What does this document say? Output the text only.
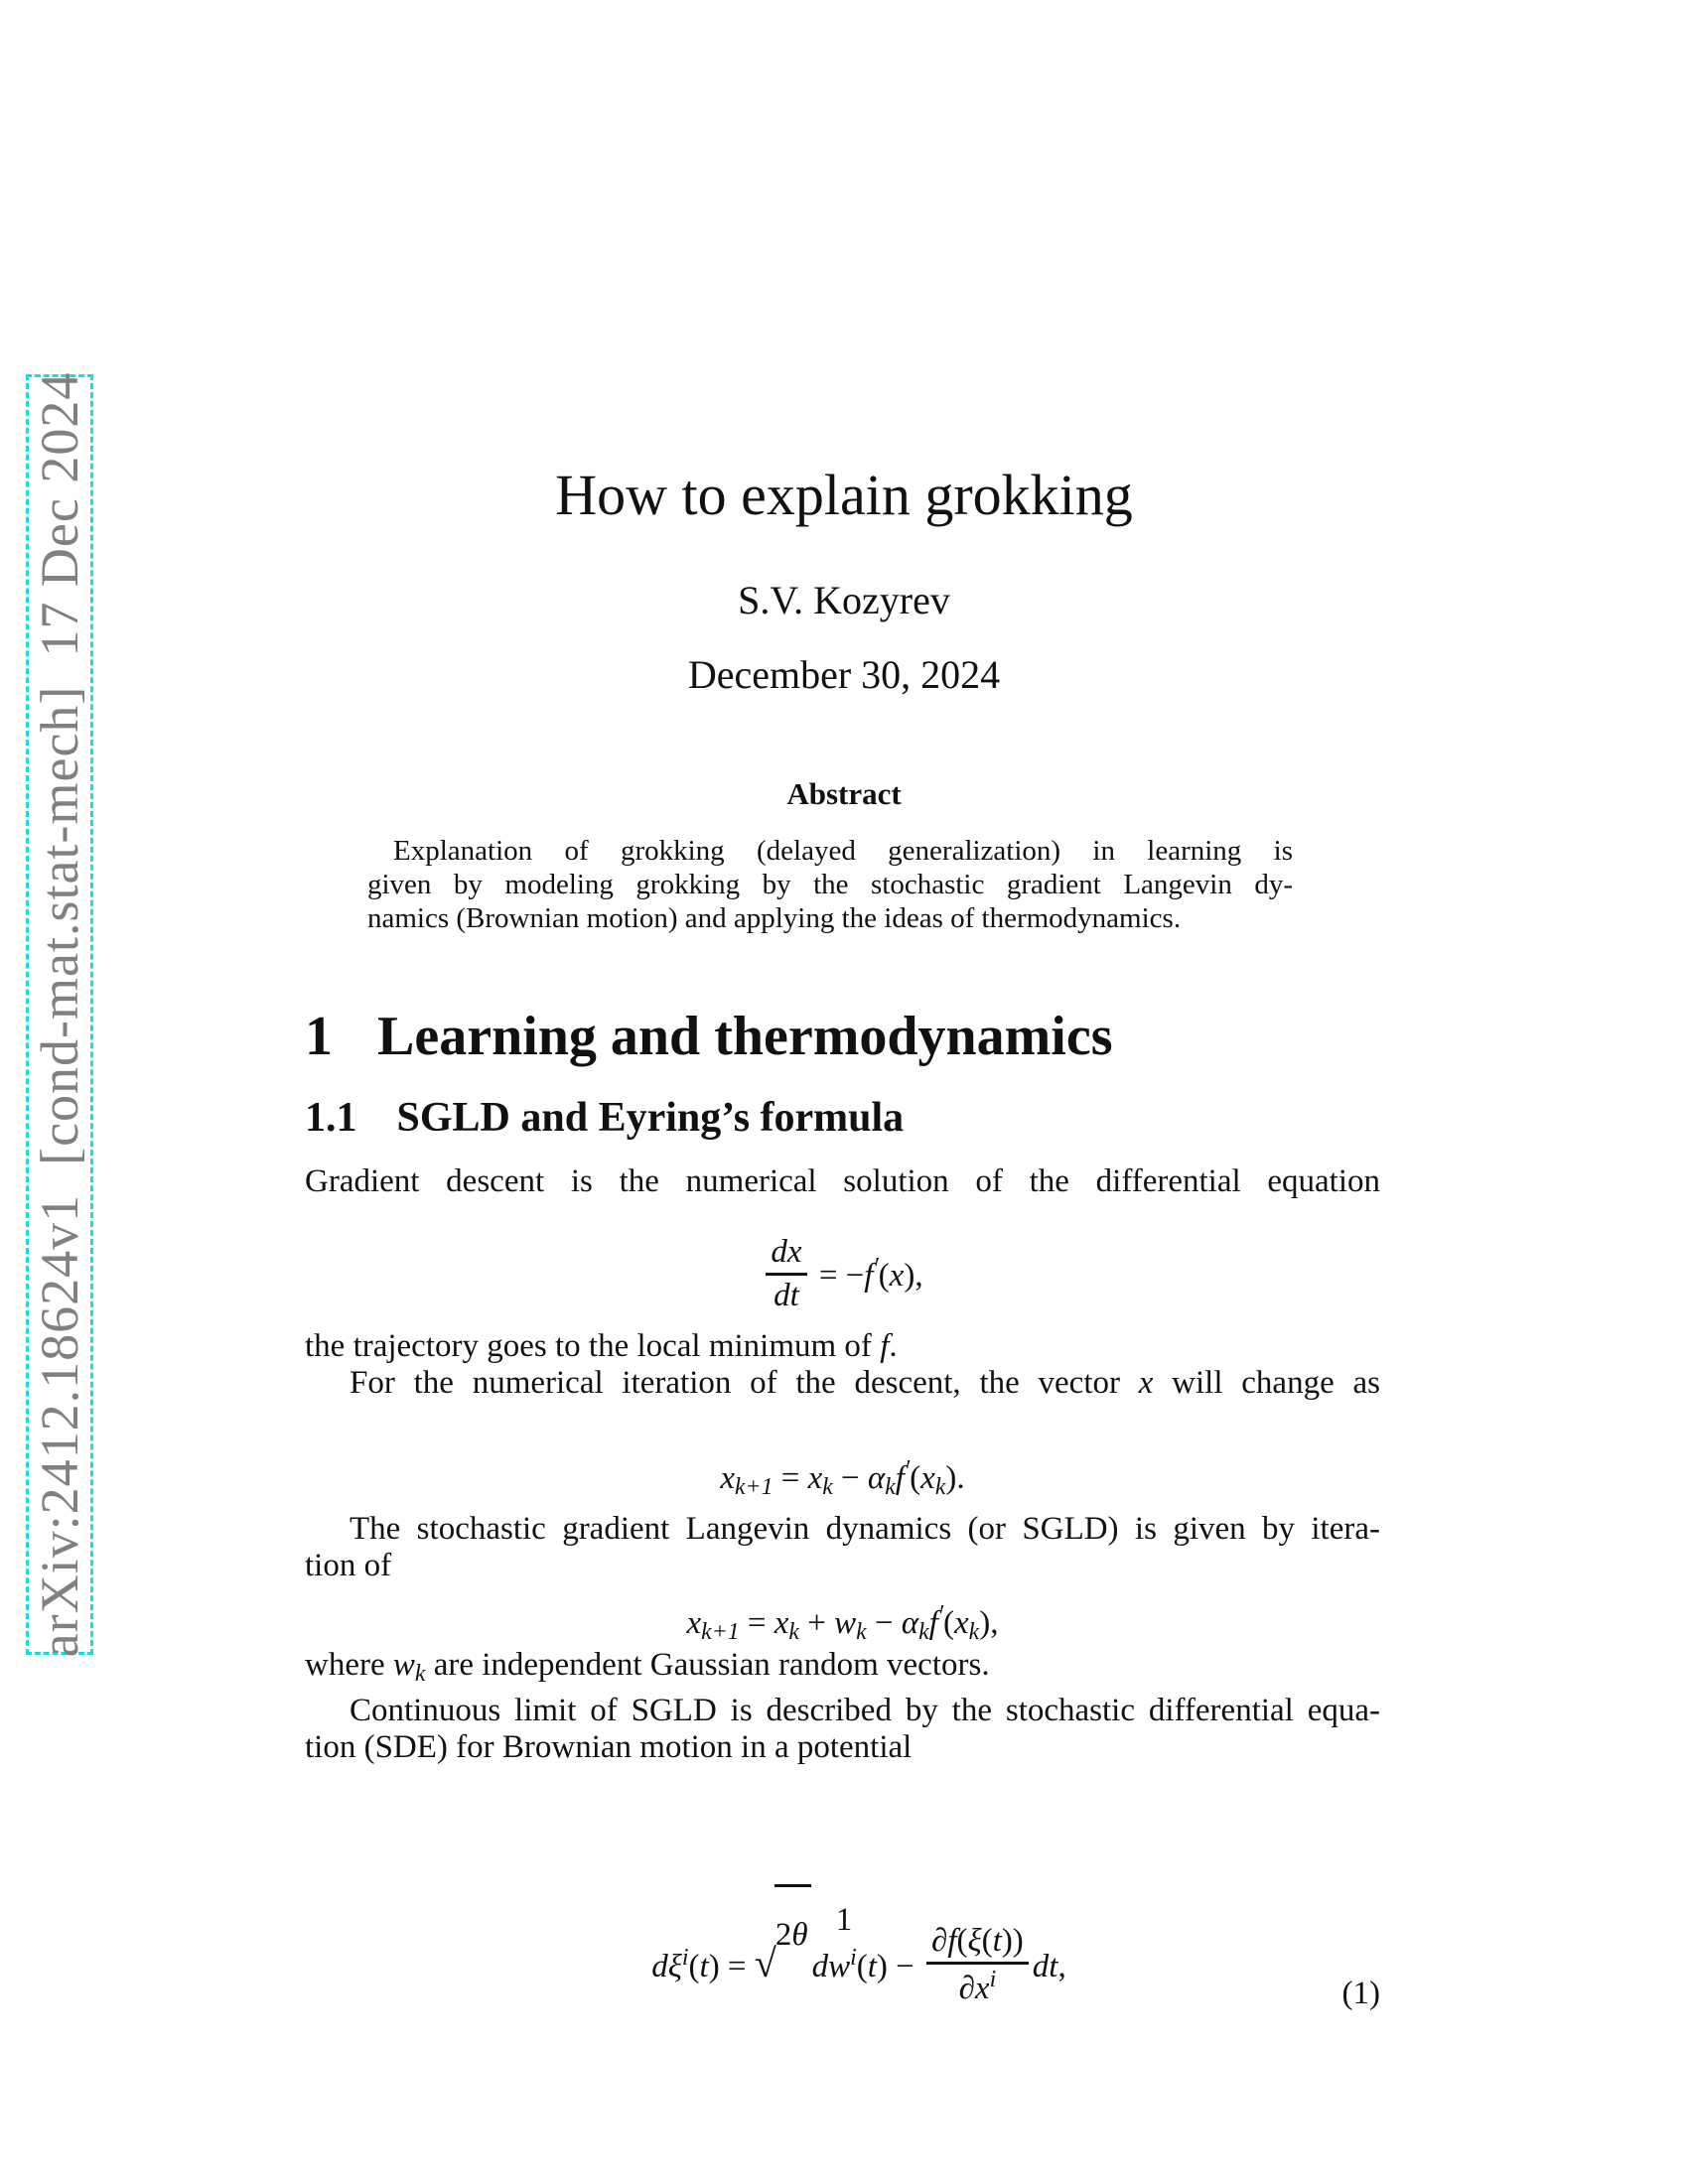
arXiv:2412.18624v1  [cond-mat.stat-mech]  17 Dec 2024	How to explain grokking
S.V. Kozyrev
December 30, 2024
Abstract
Explanation of grokking (delayed generalization) in learning is
given by modeling grokking by the stochastic gradient Langevin dy-
namics (Brownian motion) and applying the ideas of thermodynamics.
1 Learning and thermodynamics
1.1 SGLD and Eyring’s formula
Gradient descent is the numerical solution of the differential equation
$\frac{dx}{dt} = -f'(x)$,
the trajectory goes to the local minimum of f.
For the numerical iteration of the descent, the vector x will change as
$x_{k+1} = x_k - \alpha_kf'(x_k)$.
The stochastic gradient Langevin dynamics (or SGLD) is given by itera-
tion of
$x_{k+1} = x_k + w_k - \alpha_kf'(x_k)$,
where $w_k$ are independent Gaussian random vectors.
Continuous limit of SGLD is described by the stochastic differential equa-
tion (SDE) for Brownian motion in a potential

$d\xi^i(t)$ = √
2θ
$dw^i(t) - \frac{\partial f(\xi(t))}{\partial x^i}$ dt,

(1)

1
